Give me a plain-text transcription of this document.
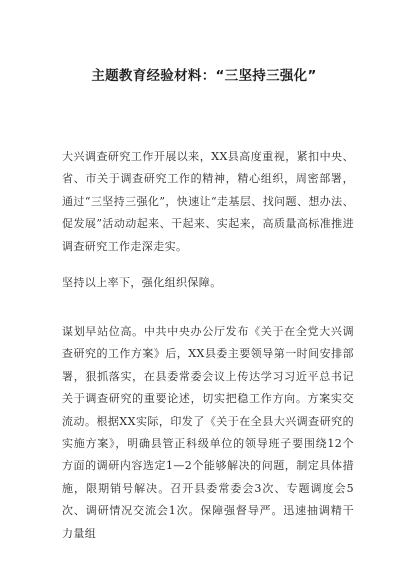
主题教育经验材料：“三坚持三强化”

大兴调查研究工作开展以来，XX县高度重视，紧扣中央、省、市关于调查研究工作的精神，精心组织，周密部署，通过“三坚持三强化”，快速让“走基层、找问题、想办法、促发展”活动动起来、干起来、实起来，高质量高标准推进调查研究工作走深走实。

坚持以上率下，强化组织保障。

谋划早站位高。中共中央办公厅发布《关于在全党大兴调查研究的工作方案》后，XX县委主要领导第一时间安排部署，狠抓落实，在县委常委会议上传达学习习近平总书记关于调查研究的重要论述，切实把稳工作方向。方案实交流动。根据XX实际，印发了《关于在全县大兴调查研究的实施方案》，明确县管正科级单位的领导班子要围绕12个方面的调研内容选定1—2个能够解决的问题，制定具体措施，限期销号解决。召开县委常委会3次、专题调度会5次、调研情况交流会1次。保障强督导严。迅速抽调精干力量组
